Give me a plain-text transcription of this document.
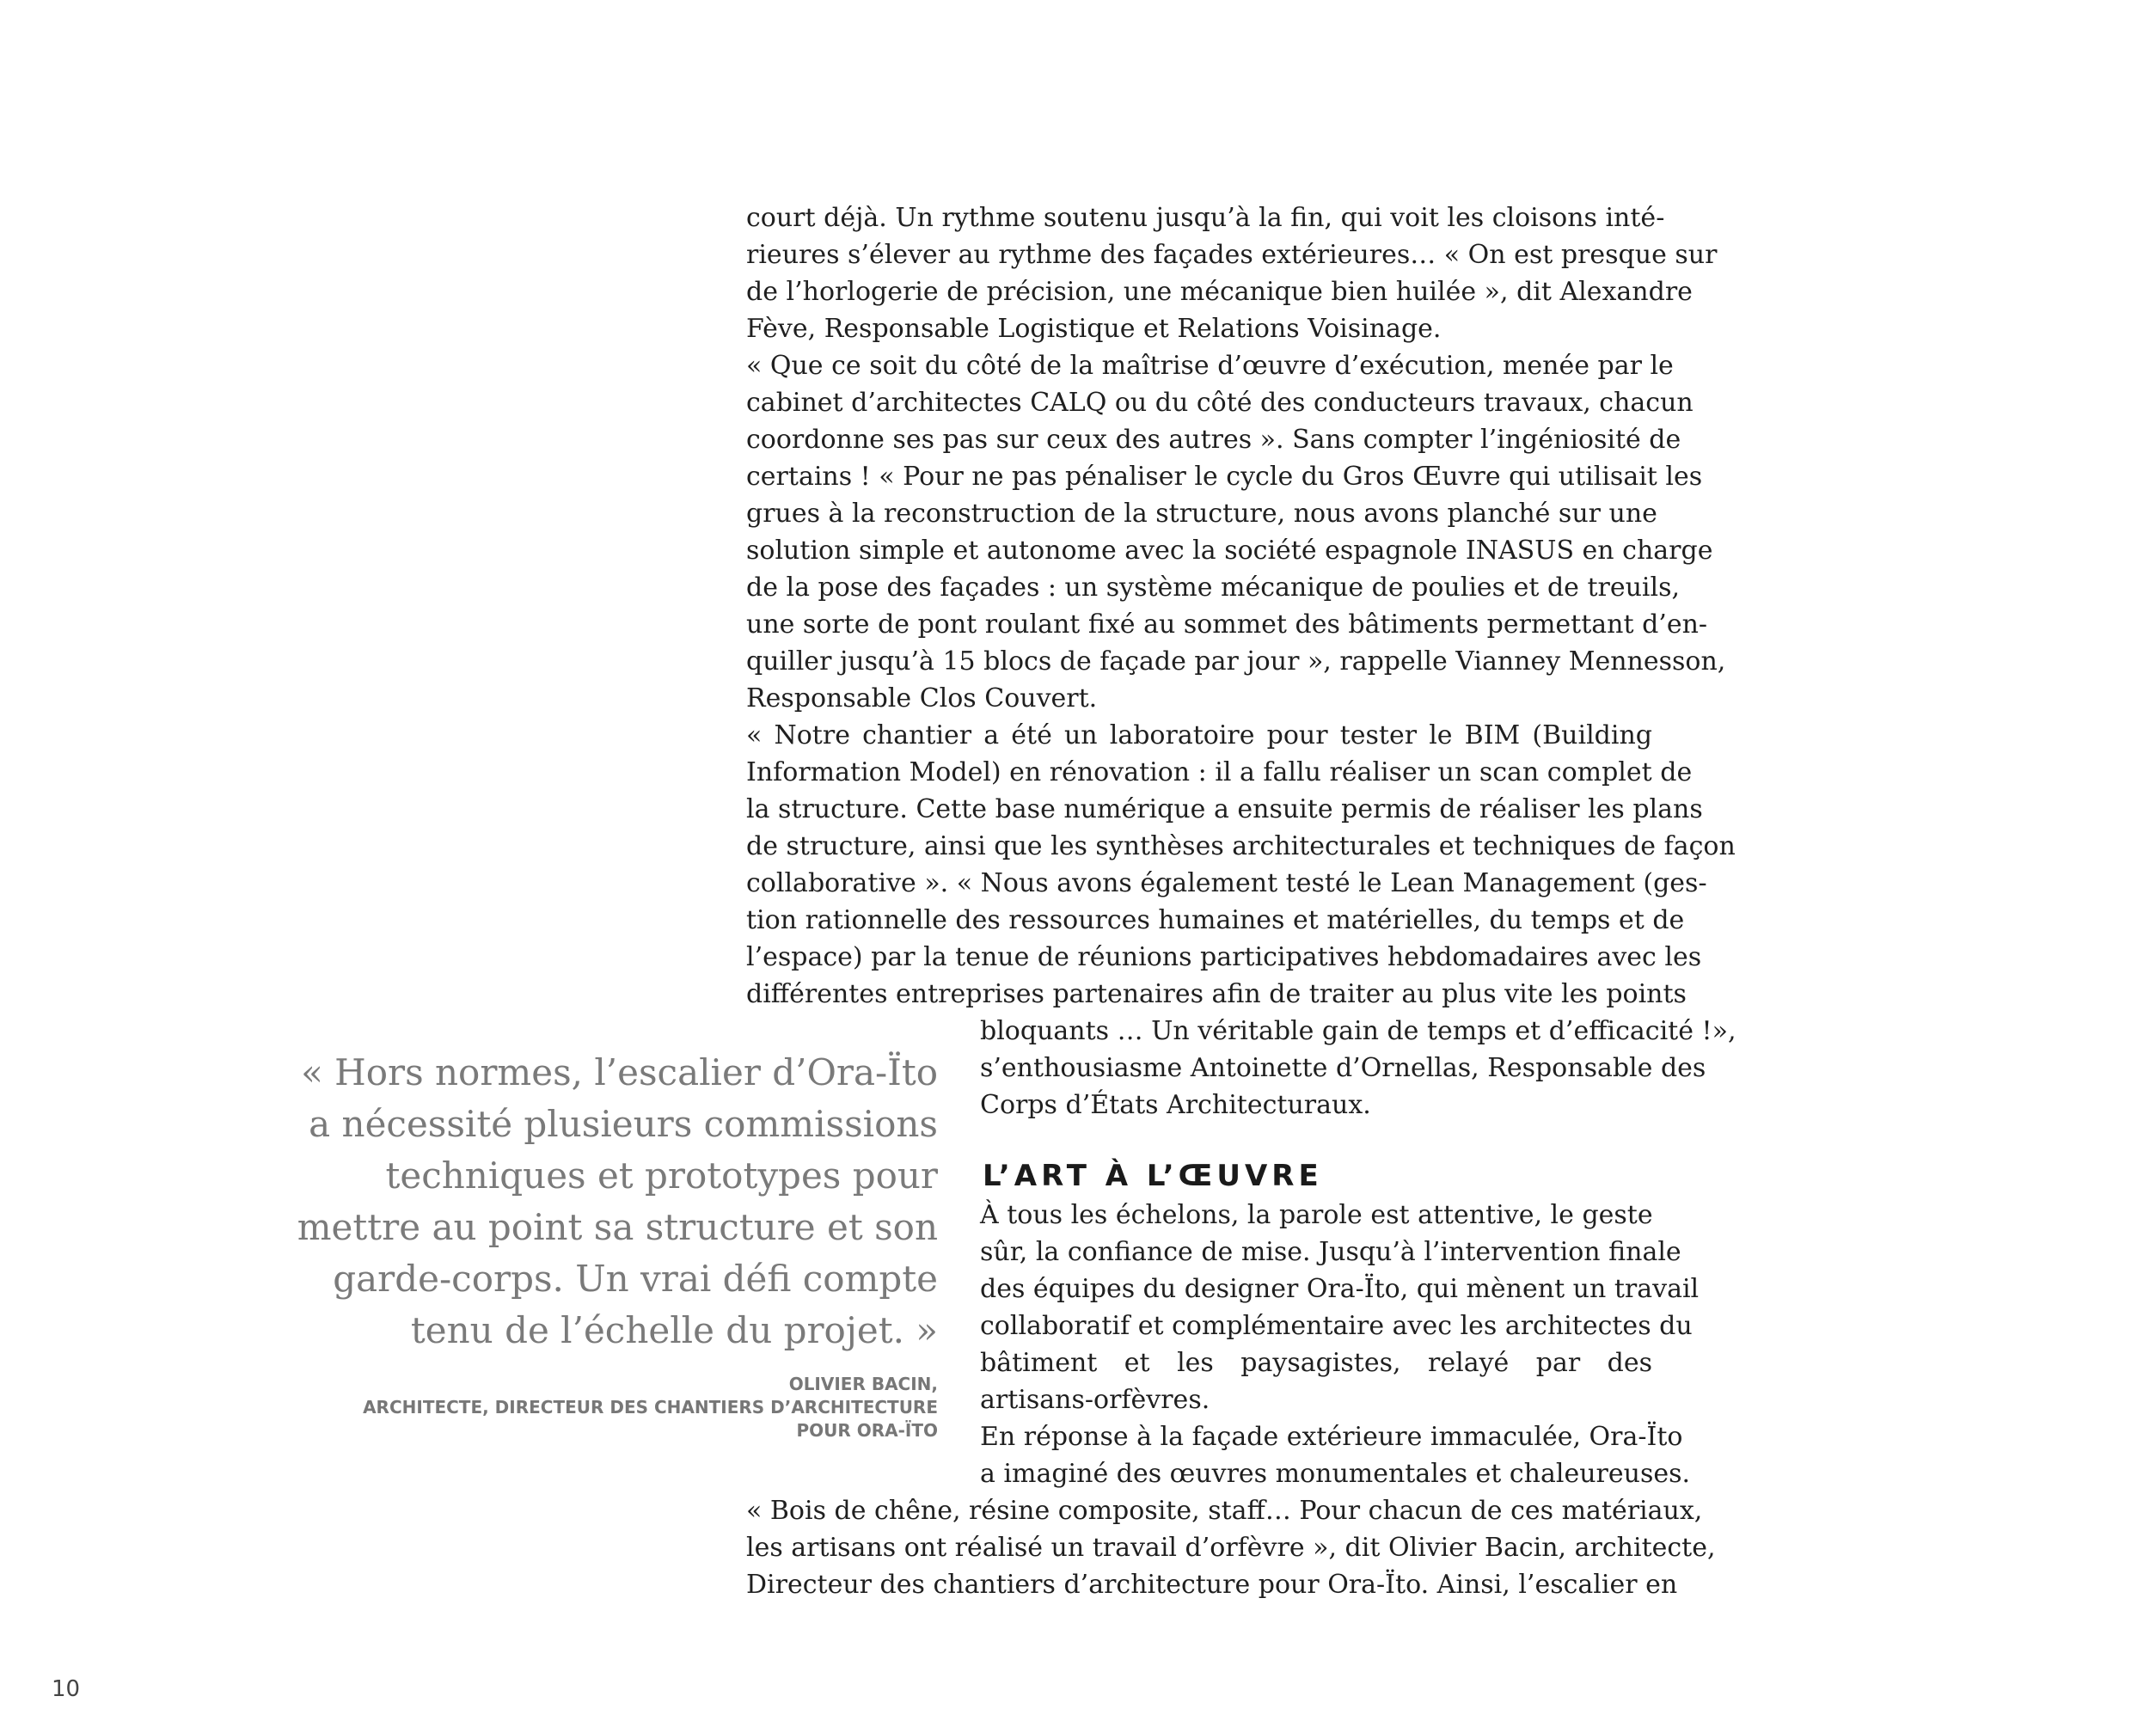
court déjà. Un rythme soutenu jusqu’à la fin, qui voit les cloisons inté-
rieures s’élever au rythme des façades extérieures… « On est presque sur
de l’horlogerie de précision, une mécanique bien huilée », dit Alexandre
Fève, Responsable Logistique et Relations Voisinage.
« Que ce soit du côté de la maîtrise d’œuvre d’exécution, menée par le
cabinet d’architectes CALQ ou du côté des conducteurs travaux, chacun
coordonne ses pas sur ceux des autres ». Sans compter l’ingéniosité de
certains ! « Pour ne pas pénaliser le cycle du Gros Œuvre qui utilisait les
grues à la reconstruction de la structure, nous avons planché sur une
solution simple et autonome avec la société espagnole INASUS en charge
de la pose des façades : un système mécanique de poulies et de treuils,
une sorte de pont roulant fixé au sommet des bâtiments permettant d’en-
quiller jusqu’à 15 blocs de façade par jour », rappelle Vianney Mennesson,
Responsable Clos Couvert.
« Notre chantier a été un laboratoire pour tester le BIM (Building
Information Model) en rénovation : il a fallu réaliser un scan complet de
la structure. Cette base numérique a ensuite permis de réaliser les plans
de structure, ainsi que les synthèses architecturales et techniques de façon
collaborative ». « Nous avons également testé le Lean Management (ges-
tion rationnelle des ressources humaines et matérielles, du temps et de
l’espace) par la tenue de réunions participatives hebdomadaires avec les
différentes entreprises partenaires afin de traiter au plus vite les points
bloquants … Un véritable gain de temps et d’efficacité !»,
s’enthousiasme Antoinette d’Ornellas, Responsable des
Corps d’États Architecturaux.
L’ART À L’ŒUVRE
À tous les échelons, la parole est attentive, le geste
sûr, la confiance de mise. Jusqu’à l’intervention finale
des équipes du designer Ora-Ïto, qui mènent un travail
collaboratif et complémentaire avec les architectes du
bâtiment et les paysagistes, relayé par des
artisans-orfèvres.
En réponse à la façade extérieure immaculée, Ora-Ïto
a imaginé des œuvres monumentales et chaleureuses.
« Bois de chêne, résine composite, staff… Pour chacun de ces matériaux,
les artisans ont réalisé un travail d’orfèvre », dit Olivier Bacin, architecte,
Directeur des chantiers d’architecture pour Ora-Ïto. Ainsi, l’escalier en
« Hors normes, l’escalier d’Ora-Ïto
a nécessité plusieurs commissions
techniques et prototypes pour
mettre au point sa structure et son
garde-corps. Un vrai défi compte
tenu de l’échelle du projet. »
OLIVIER BACIN,
ARCHITECTE, DIRECTEUR DES CHANTIERS D’ARCHITECTURE
POUR ORA-ÏTO
10
